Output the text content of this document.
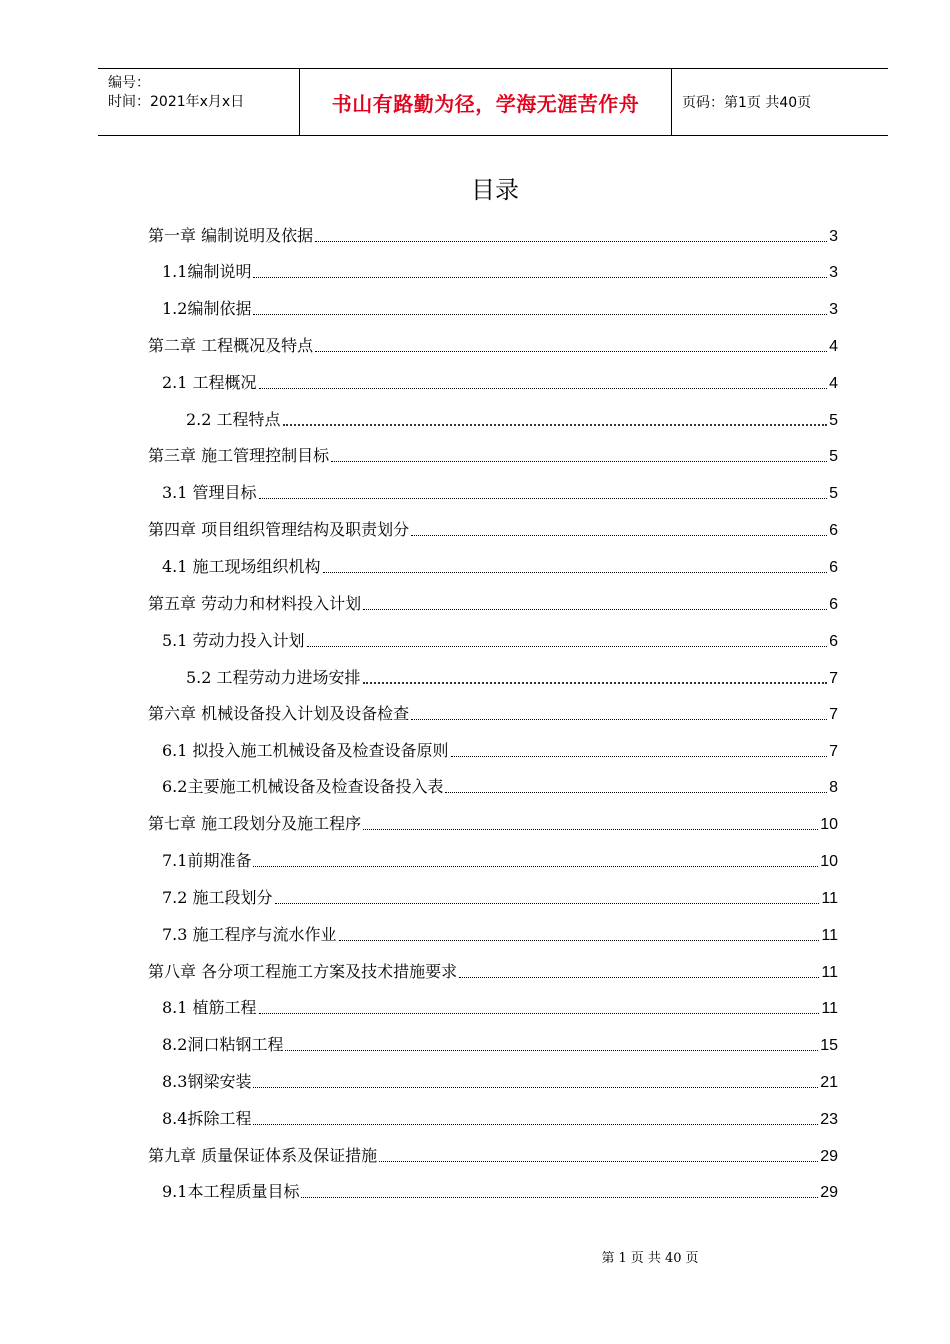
编号：
时间：2021年x月x日	书山有路勤为径，学海无涯苦作舟	页码：第1页 共40页
目录
第一章 编制说明及依据	3
1.1编制说明	3
1.2编制依据	3
第二章 工程概况及特点	4
2.1 工程概况	4
2.2 工程特点	5
第三章 施工管理控制目标	5
3.1 管理目标	5
第四章 项目组织管理结构及职责划分	6
4.1 施工现场组织机构	6
第五章 劳动力和材料投入计划	6
5.1 劳动力投入计划	6
5.2 工程劳动力进场安排	7
第六章 机械设备投入计划及设备检查	7
6.1 拟投入施工机械设备及检查设备原则	7
6.2主要施工机械设备及检查设备投入表	8
第七章 施工段划分及施工程序	10
7.1前期准备	10
7.2 施工段划分	11
7.3 施工程序与流水作业	11
第八章 各分项工程施工方案及技术措施要求	11
8.1 植筋工程	11
8.2洞口粘钢工程	15
8.3钢梁安装	21
8.4拆除工程	23
第九章 质量保证体系及保证措施	29
9.1本工程质量目标	29
第 1 页 共 40 页
